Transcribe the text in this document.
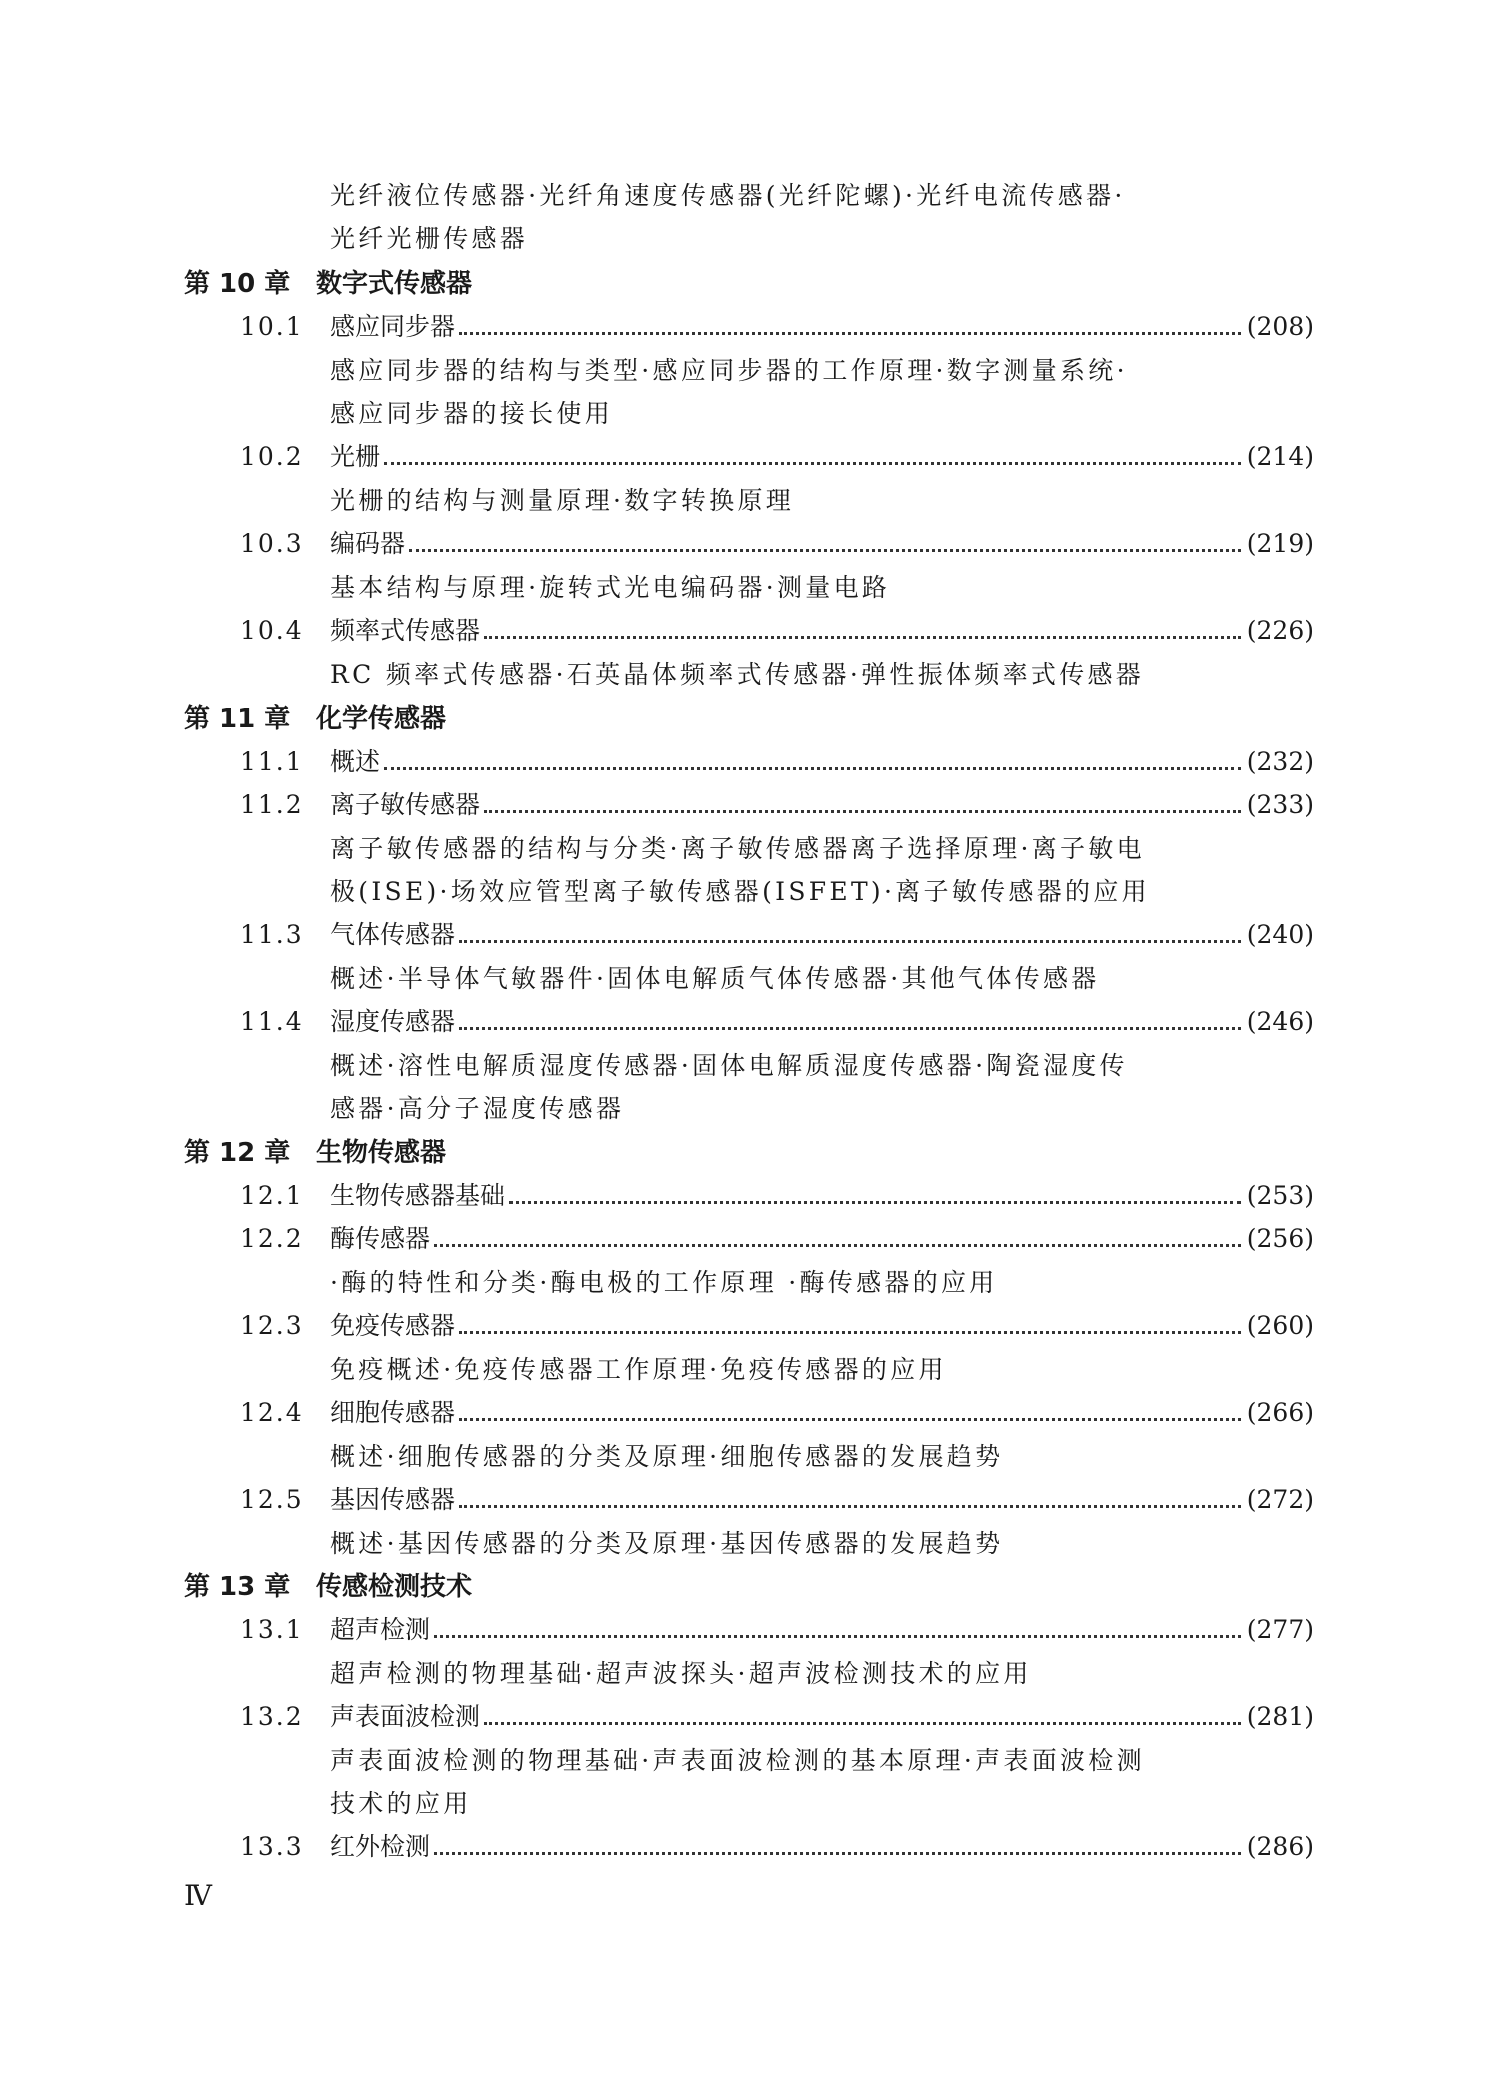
光纤液位传感器·光纤角速度传感器(光纤陀螺)·光纤电流传感器·
光纤光栅传感器
第 10 章 数字式传感器
10.1	感应同步器	(208)
感应同步器的结构与类型·感应同步器的工作原理·数字测量系统·
感应同步器的接长使用
10.2	光栅	(214)
光栅的结构与测量原理·数字转换原理
10.3	编码器	(219)
基本结构与原理·旋转式光电编码器·测量电路
10.4	频率式传感器	(226)
RC 频率式传感器·石英晶体频率式传感器·弹性振体频率式传感器
第 11 章 化学传感器
11.1	概述	(232)
11.2	离子敏传感器	(233)
离子敏传感器的结构与分类·离子敏传感器离子选择原理·离子敏电
极(ISE)·场效应管型离子敏传感器(ISFET)·离子敏传感器的应用
11.3	气体传感器	(240)
概述·半导体气敏器件·固体电解质气体传感器·其他气体传感器
11.4	湿度传感器	(246)
概述·溶性电解质湿度传感器·固体电解质湿度传感器·陶瓷湿度传
感器·高分子湿度传感器
第 12 章 生物传感器
12.1	生物传感器基础	(253)
12.2	酶传感器	(256)
·酶的特性和分类·酶电极的工作原理 ·酶传感器的应用
12.3	免疫传感器	(260)
免疫概述·免疫传感器工作原理·免疫传感器的应用
12.4	细胞传感器	(266)
概述·细胞传感器的分类及原理·细胞传感器的发展趋势
12.5	基因传感器	(272)
概述·基因传感器的分类及原理·基因传感器的发展趋势
第 13 章 传感检测技术
13.1	超声检测	(277)
超声检测的物理基础·超声波探头·超声波检测技术的应用
13.2	声表面波检测	(281)
声表面波检测的物理基础·声表面波检测的基本原理·声表面波检测
技术的应用
13.3	红外检测	(286)
Ⅳ
